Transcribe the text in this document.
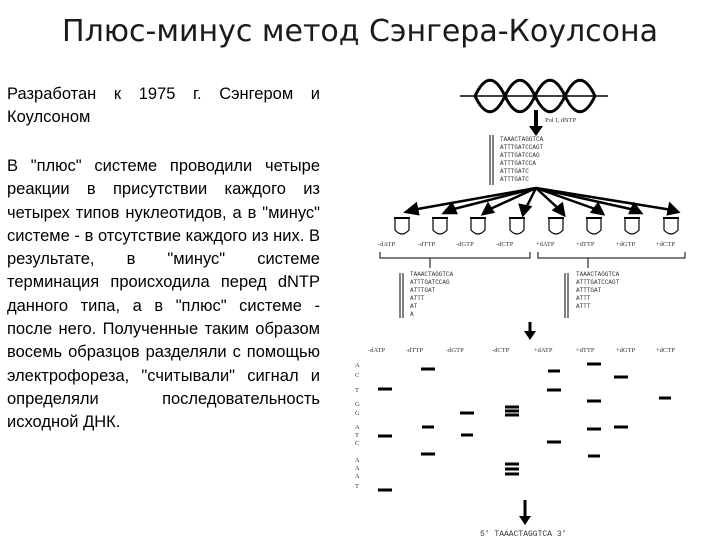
Плюс-минус метод Сэнгера-Коулсона

Разработан к 1975 г. Сэнгером и Коулсоном

В "плюс" системе проводили четыре реакции в присутствии каждого из четырех типов нуклеотидов, а в "минус" системе - в отсутствие каждого из них. В результате, в "минус" системе терминация происходила перед dNTP данного типа, а в "плюс" системе - после него. Полученные таким образом восемь образцов разделяли с помощью электрофореза, "считывали" сигнал и определяли последовательность исходной ДНК.

Pol I, dNTP
TAAACTAGGTCA
ATTTGATCCAGT
ATTTGATCCAG
ATTTGATCCA
ATTTGATC
ATTTGATC
-dATP	-dTTP	-dGTP	-dCTP	+dATP	+dTTP	+dGTP	+dCTP
TAAACTAGGTCA
ATTTGATCCAG
ATTTGAT
ATTT
AT
A
TAAACTAGGTCA
ATTTGATCCAGT
ATTTGAT
ATTT
ATTT
-dATP	-dTTP	-dGTP	-dCTP	+dATP	+dTTP	+dGTP	+dCTP
A
C
T
G
G
A
T
C
A
A
A
T
5' TAAACTAGGTCA 3'
